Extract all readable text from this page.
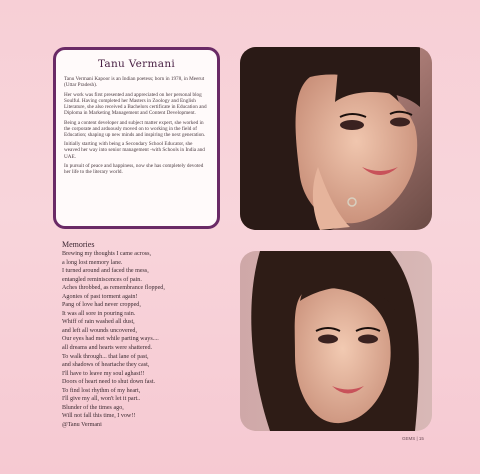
Tanu Vermani

Tanu Vermani Kapoor is an Indian poetess; born in 1978, in Meerut (Uttar Pradesh).

Her work was first presented and appreciated on her personal blog Soulful. Having completed her Masters in Zoology and English Literature, she also received a Bachelors certificate in Education and Diploma in Marketing Management and Content Development.

Being a content developer and subject matter expert, she worked in the corporate and arduously moved on to working in the field of Education; shaping up new minds and inspiring the next generation.

Initially starting with being a Secondary School Educator, she weaved her way into senior management -with Schools in India and UAE.

In pursuit of peace and happiness, now she has completely devoted her life to the literary world.

Memories
Brewing my thoughts I came across,
a long lost memory lane.
I turned around and faced the mess,
entangled reminiscences of pain.
Aches throbbed, as remembrance flopped,
Agonies of past torment again!
Pang of love had never cropped,
It was all sore in pouring rain.
Whiff of rain washed all dust,
and left all wounds uncovered,
Our eyes had met while parting ways....
all dreams and hearts were shattered.
To walk through... that lane of past,
and shadows of heartache they cast,
I'll have to leave my soul aghast!!
Doors of heart need to shut down fast.
To find lost rhythm of my heart,
I'll give my all, won't let it part..
Blunder of the times ago,
Will not fall this time, I vow!!
@Tanu Vermani
GEMS | 15
